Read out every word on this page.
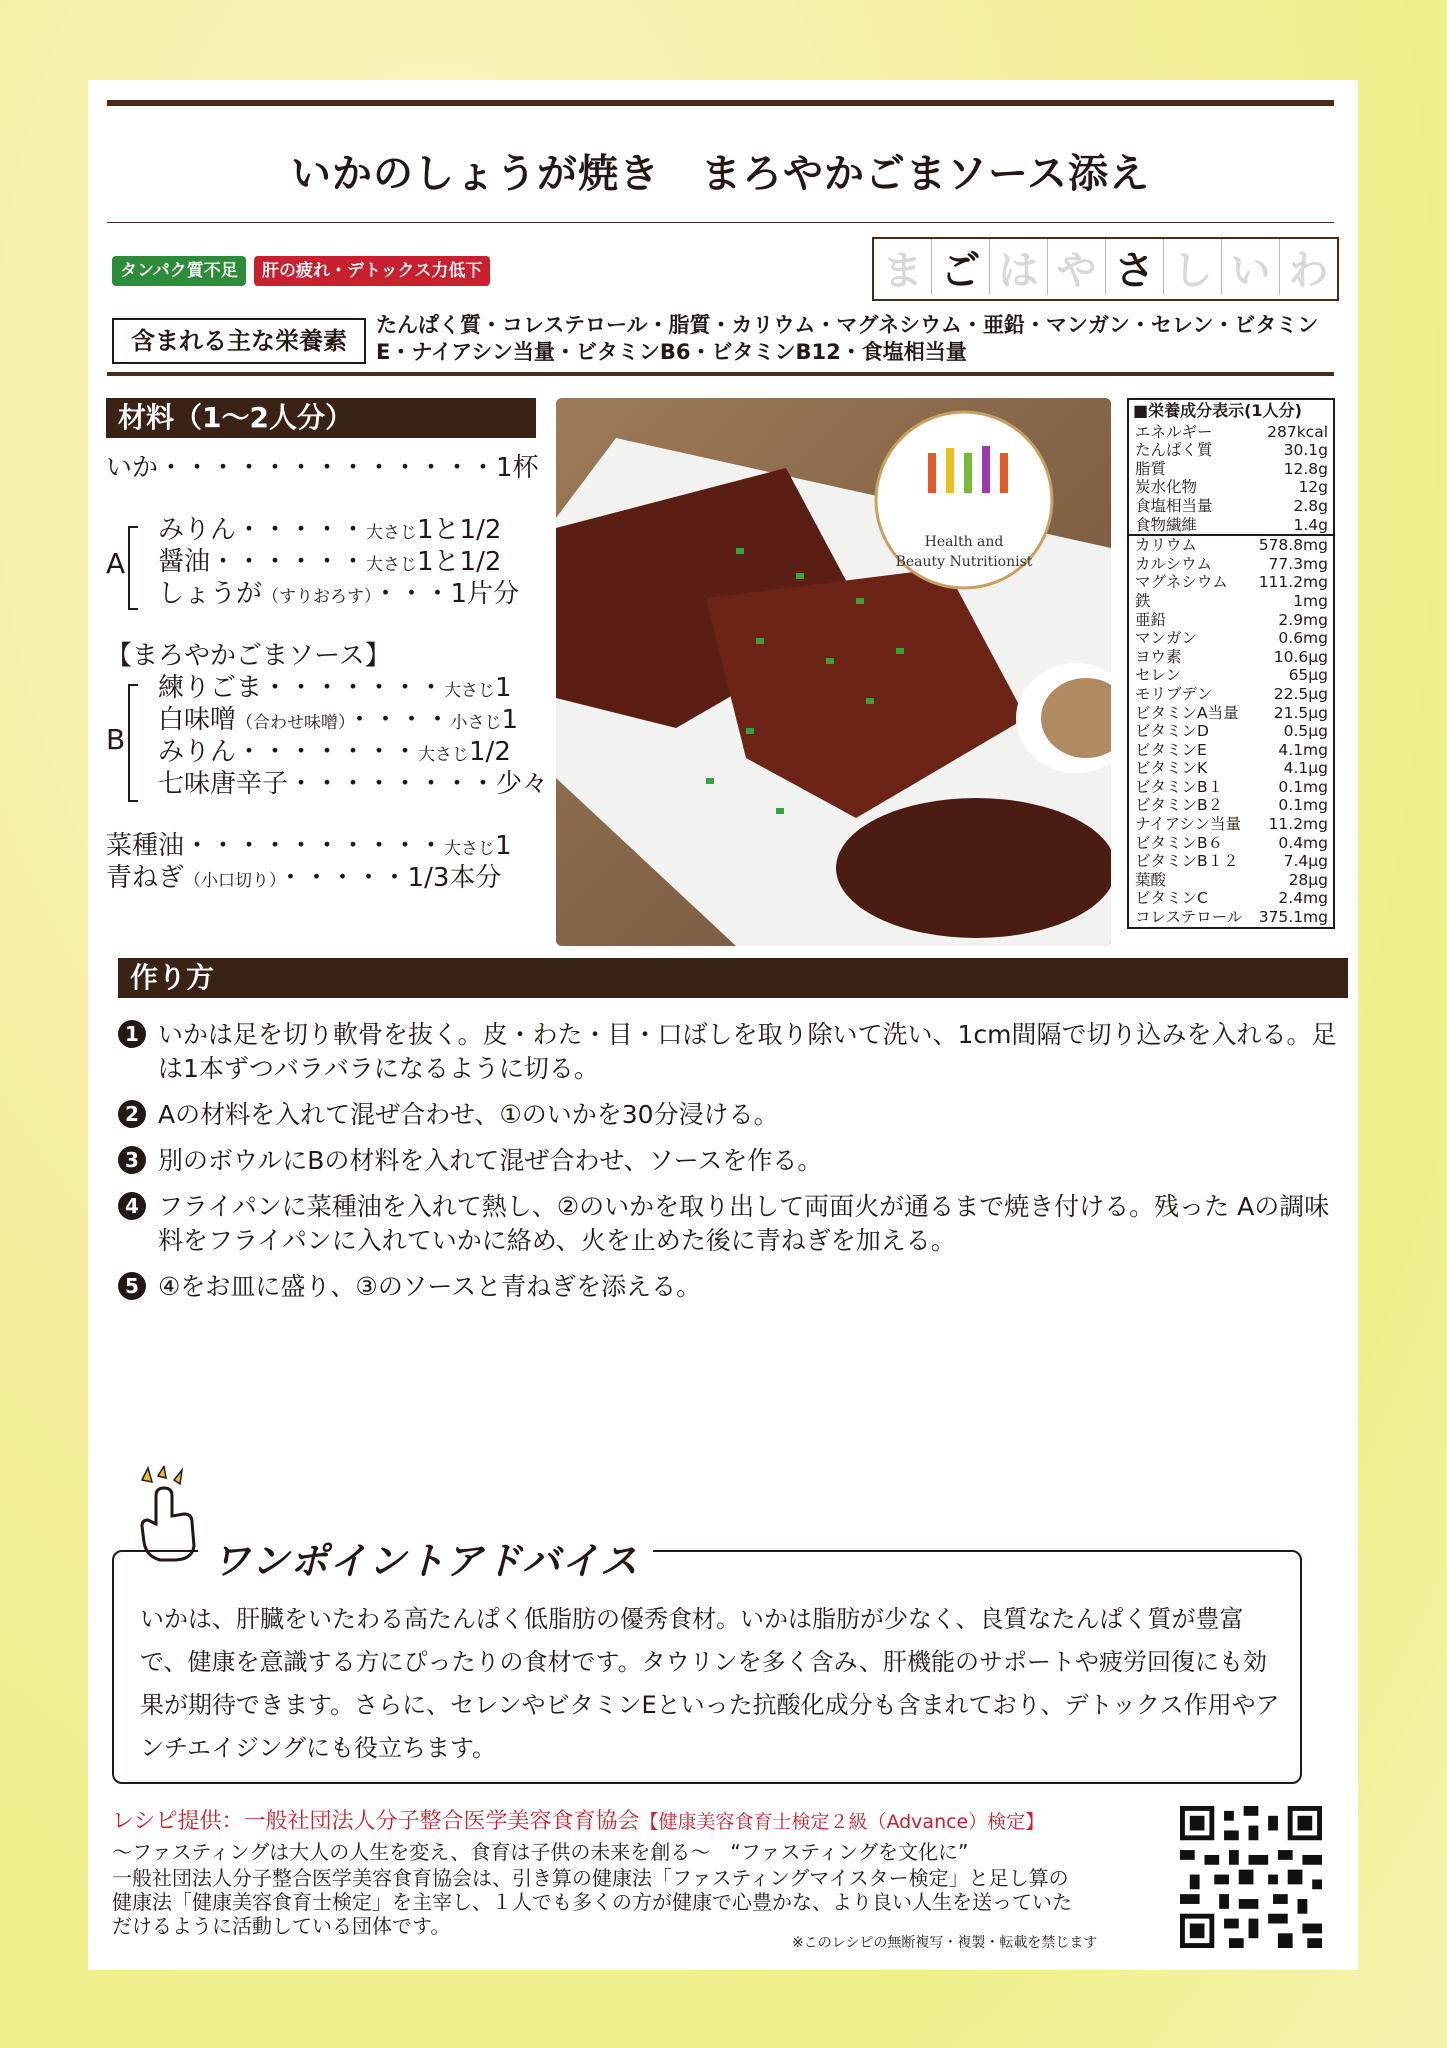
いかのしょうが焼き　まろやかごまソース添え
タンパク質不足	肝の疲れ・デトックス力低下	ま ご は や さ し い わ
含まれる主な栄養素
たんぱく質・コレステロール・脂質・カリウム・マグネシウム・亜鉛・マンガン・セレン・ビタミンE・ナイアシン当量・ビタミンB6・ビタミンB12・食塩相当量
材料（1～2人分）
いか・・・・・・・・・・・・・1杯
A
みりん・・・・・大さじ1と1/2
醤油・・・・・・大さじ1と1/2
しょうが（すりおろす）・・・1片分
【まろやかごまソース】
B
練りごま・・・・・・・大さじ1
白味噌（合わせ味噌）・・・・小さじ1
みりん・・・・・・・大さじ1/2
七味唐辛子・・・・・・・・少々
菜種油・・・・・・・・・・大さじ1
青ねぎ（小口切り）・・・・・1/3本分
Health and
Beauty Nutritionist
■栄養成分表示(1人分)
エネルギー	287kcal
たんぱく質	30.1g
脂質	12.8g
炭水化物	12g
食塩相当量	2.8g
食物繊維	1.4g
カリウム	578.8mg
カルシウム	77.3mg
マグネシウム 111.2mg
鉄	1mg
亜鉛	2.9mg
マンガン	0.6mg
ヨウ素	10.6μg
セレン	65μg
モリブデン	22.5μg
ビタミンA当量 21.5μg
ビタミンD	0.5μg
ビタミンE	4.1mg
ビタミンK	4.1μg
ビタミンB１	0.1mg
ビタミンB２	0.1mg
ナイアシン当量 11.2mg
ビタミンB６	0.4mg
ビタミンB１２	7.4μg
葉酸	28μg
ビタミンC	2.4mg
コレステロール 375.1mg
作り方
1 いかは足を切り軟骨を抜く。皮・わた・目・口ばしを取り除いて洗い、1cm間隔で切り込みを入れる。足は1本ずつバラバラになるように切る。
2 Aの材料を入れて混ぜ合わせ、①のいかを30分浸ける。
3 別のボウルにBの材料を入れて混ぜ合わせ、ソースを作る。
4 フライパンに菜種油を入れて熱し、②のいかを取り出して両面火が通るまで焼き付ける。残った Aの調味料をフライパンに入れていかに絡め、火を止めた後に青ねぎを加える。
5 ④をお皿に盛り、③のソースと青ねぎを添える。
ワンポイントアドバイス
いかは、肝臓をいたわる高たんぱく低脂肪の優秀食材。いかは脂肪が少なく、良質なたんぱく質が豊富で、健康を意識する方にぴったりの食材です。タウリンを多く含み、肝機能のサポートや疲労回復にも効果が期待できます。さらに、セレンやビタミンEといった抗酸化成分も含まれており、デトックス作用やアンチエイジングにも役立ちます。
レシピ提供：一般社団法人分子整合医学美容食育協会【健康美容食育士検定２級（Advance）検定】
～ファスティングは大人の人生を変え、食育は子供の未来を創る～　“ファスティングを文化に”
一般社団法人分子整合医学美容食育協会は、引き算の健康法「ファスティングマイスター検定」と足し算の
健康法「健康美容食育士検定」を主宰し、１人でも多くの方が健康で心豊かな、より良い人生を送っていた
だけるように活動している団体です。
※このレシピの無断複写・複製・転載を禁じます
